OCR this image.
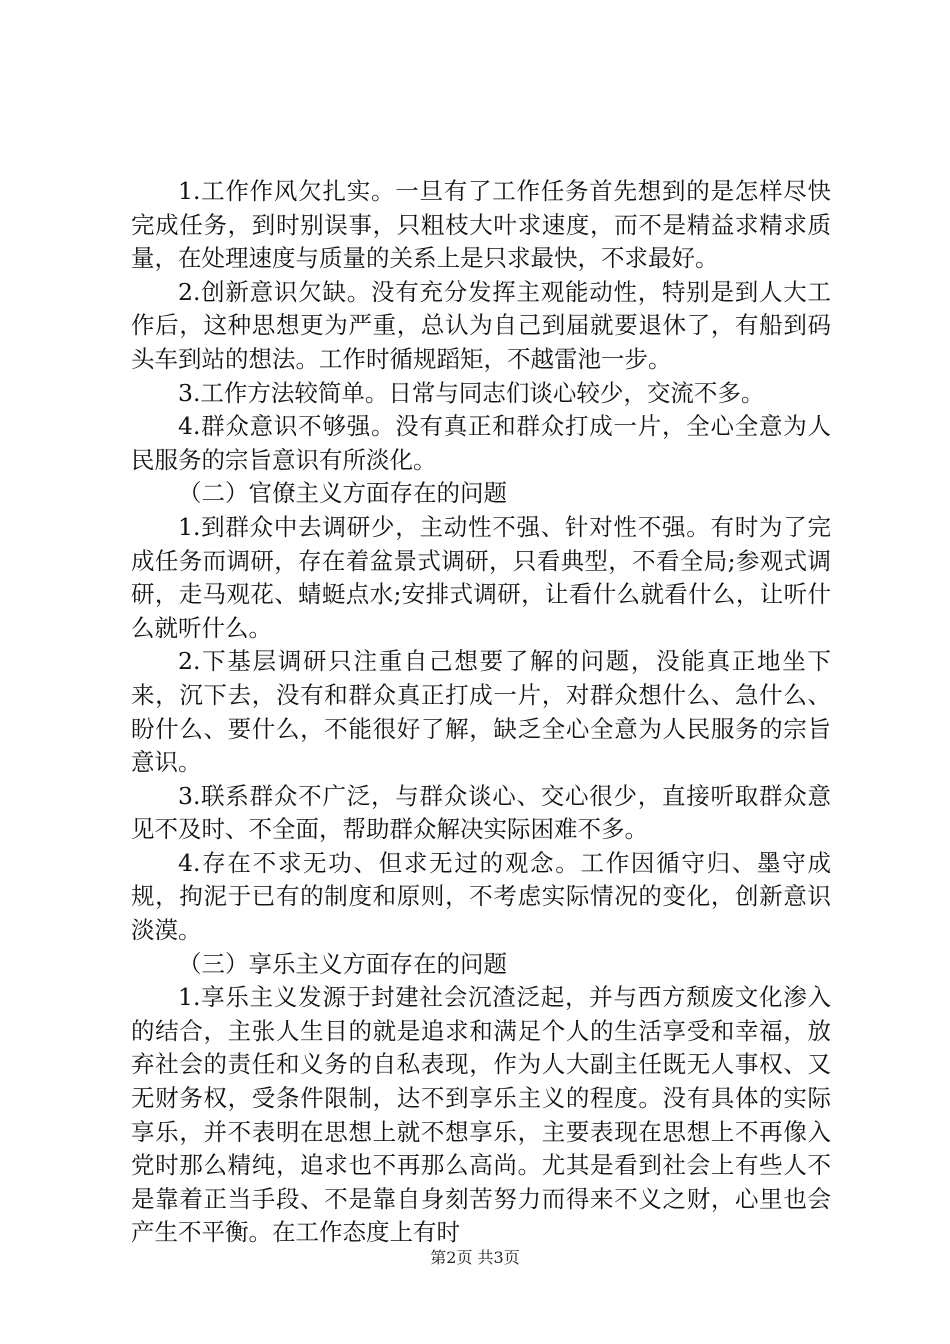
1.工作作风欠扎实。一旦有了工作任务首先想到的是怎样尽快完成任务，到时别误事，只粗枝大叶求速度，而不是精益求精求质量，在处理速度与质量的关系上是只求最快，不求最好。

2.创新意识欠缺。没有充分发挥主观能动性，特别是到人大工作后，这种思想更为严重，总认为自己到届就要退休了，有船到码头车到站的想法。工作时循规蹈矩，不越雷池一步。

3.工作方法较简单。日常与同志们谈心较少，交流不多。

4.群众意识不够强。没有真正和群众打成一片，全心全意为人民服务的宗旨意识有所淡化。

（二）官僚主义方面存在的问题

1.到群众中去调研少，主动性不强、针对性不强。有时为了完成任务而调研，存在着盆景式调研，只看典型，不看全局;参观式调研，走马观花、蜻蜓点水;安排式调研，让看什么就看什么，让听什么就听什么。

2.下基层调研只注重自己想要了解的问题，没能真正地坐下来，沉下去，没有和群众真正打成一片，对群众想什么、急什么、盼什么、要什么，不能很好了解，缺乏全心全意为人民服务的宗旨意识。

3.联系群众不广泛，与群众谈心、交心很少，直接听取群众意见不及时、不全面，帮助群众解决实际困难不多。

4.存在不求无功、但求无过的观念。工作因循守归、墨守成规，拘泥于已有的制度和原则，不考虑实际情况的变化，创新意识淡漠。

（三）享乐主义方面存在的问题

1.享乐主义发源于封建社会沉渣泛起，并与西方颓废文化渗入的结合，主张人生目的就是追求和满足个人的生活享受和幸福，放弃社会的责任和义务的自私表现，作为人大副主任既无人事权、又无财务权，受条件限制，达不到享乐主义的程度。没有具体的实际享乐，并不表明在思想上就不想享乐，主要表现在思想上不再像入党时那么精纯，追求也不再那么高尚。尤其是看到社会上有些人不是靠着正当手段、不是靠自身刻苦努力而得来不义之财，心里也会产生不平衡。在工作态度上有时

第2页 共3页
